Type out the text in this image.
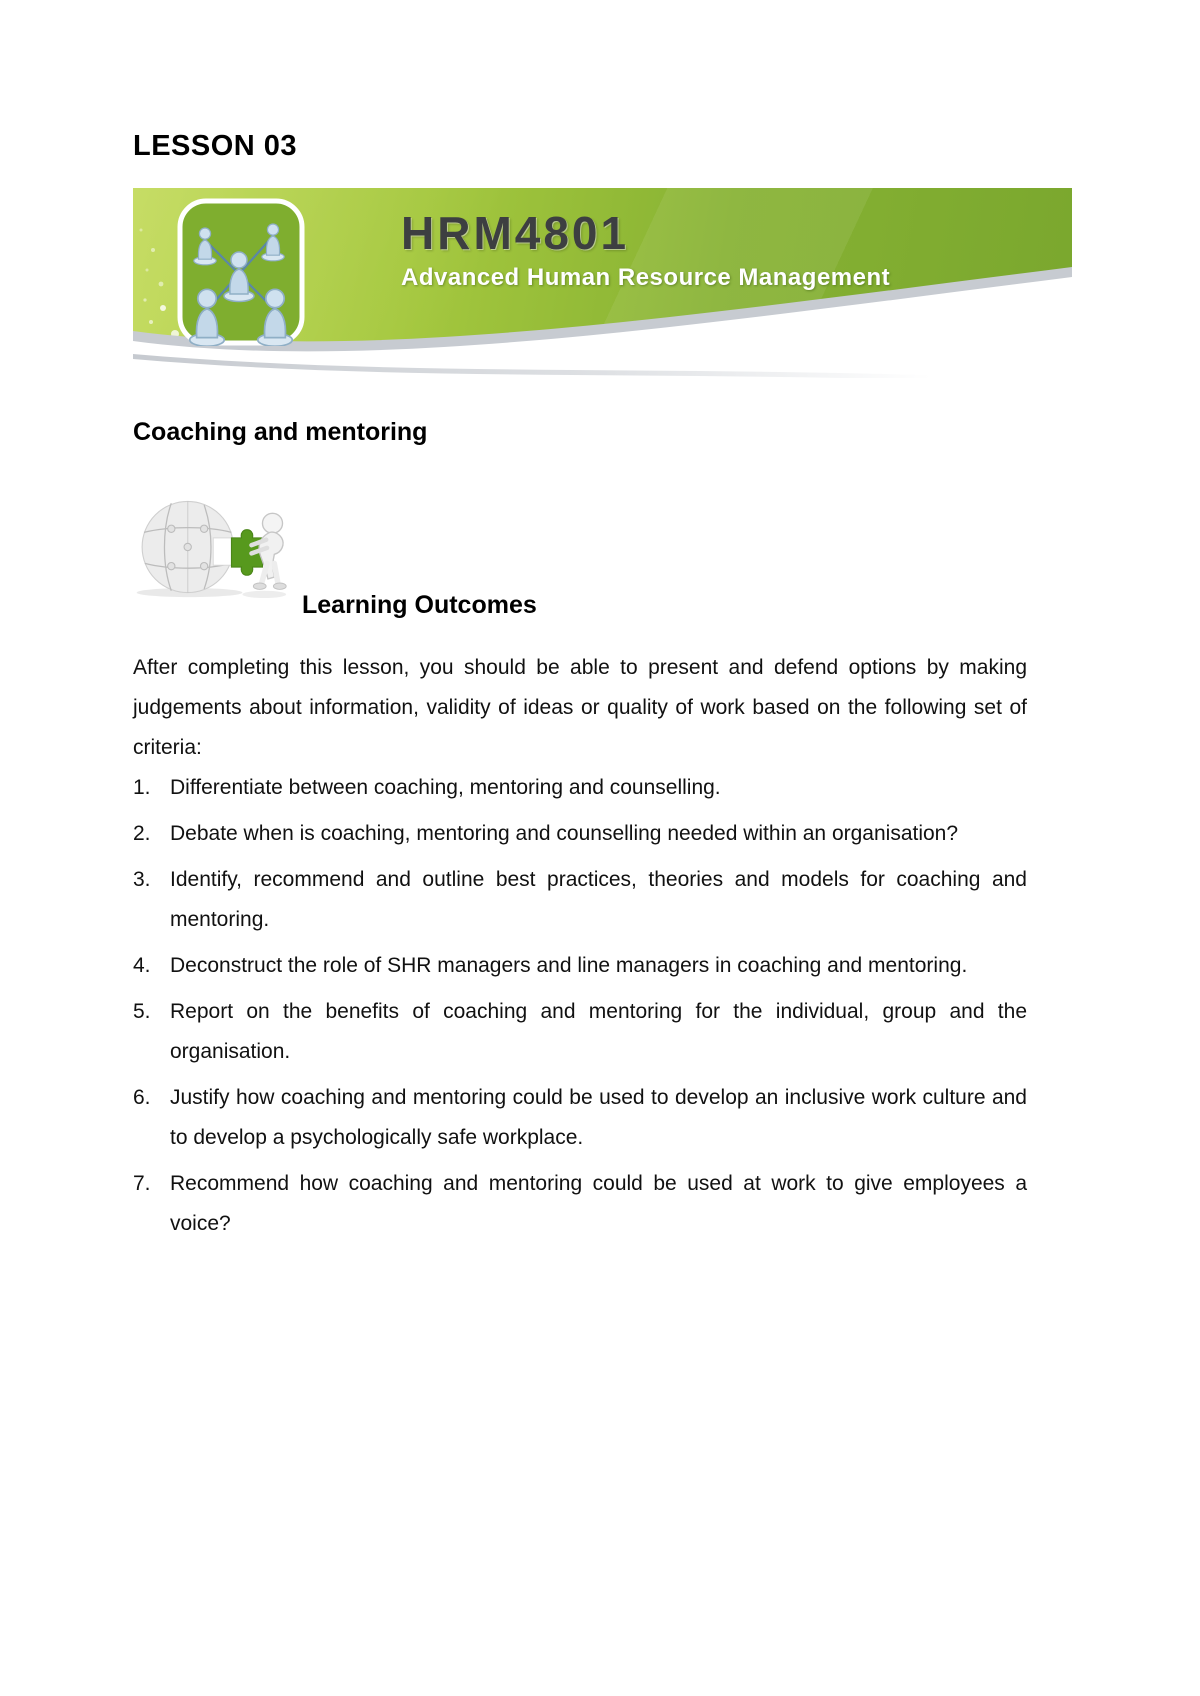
LESSON 03
HRM4801
Advanced Human Resource Management
Coaching and mentoring
Learning Outcomes

After completing this lesson, you should be able to present and defend options by making judgements about information, validity of ideas or quality of work based on the following set of criteria:

1. Differentiate between coaching, mentoring and counselling.
2. Debate when is coaching, mentoring and counselling needed within an organisation?
3. Identify, recommend and outline best practices, theories and models for coaching and mentoring.
4. Deconstruct the role of SHR managers and line managers in coaching and mentoring.
5. Report on the benefits of coaching and mentoring for the individual, group and the organisation.
6. Justify how coaching and mentoring could be used to develop an inclusive work culture and to develop a psychologically safe workplace.
7. Recommend how coaching and mentoring could be used at work to give employees a voice?
